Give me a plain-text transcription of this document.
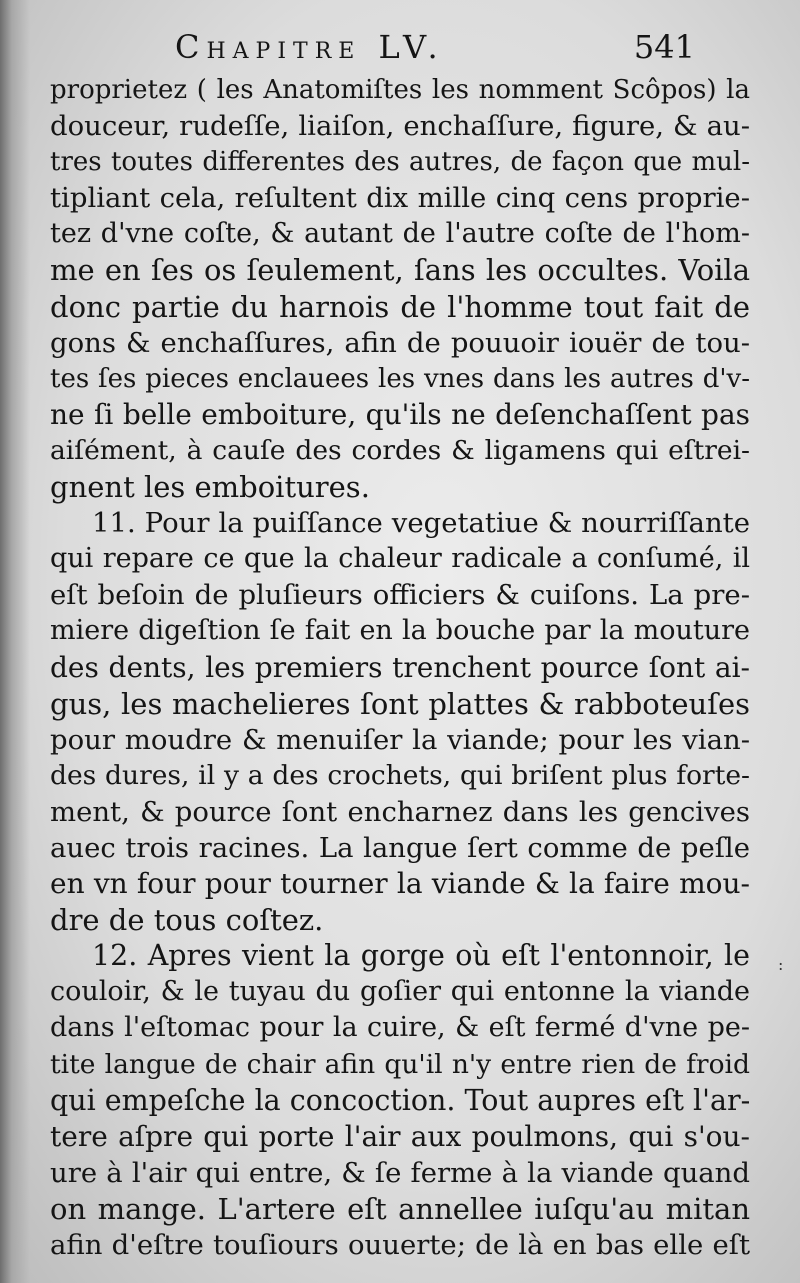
Chapitre LV.	541
proprietez ( les Anatomiſtes les nomment Scôpos) la
douceur, rudeſſe, liaiſon, enchaſſure, figure, & au-
tres toutes differentes des autres, de façon que mul-
tipliant cela, reſultent dix mille cinq cens proprie-
tez d'vne coſte, & autant de l'autre coſte de l'hom-
me en ſes os ſeulement, ſans les occultes. Voila
donc partie du harnois de l'homme tout fait de
gons & enchaſſures, afin de pouuoir iouër de tou-
tes ſes pieces enclauees les vnes dans les autres d'v-
ne ſi belle emboiture, qu'ils ne deſenchaſſent pas
aiſément, à cauſe des cordes & ligamens qui eſtrei-
gnent les emboitures.
11. Pour la puiſſance vegetatiue & nourriſſante
qui repare ce que la chaleur radicale a conſumé, il
eſt beſoin de pluſieurs officiers & cuiſons. La pre-
miere digeſtion ſe fait en la bouche par la mouture
des dents, les premiers trenchent pource ſont ai-
gus, les machelieres ſont plattes & rabboteuſes
pour moudre & menuiſer la viande; pour les vian-
des dures, il y a des crochets, qui briſent plus forte-
ment, & pource ſont encharnez dans les gencives
auec trois racines. La langue ſert comme de peſle
en vn four pour tourner la viande & la faire mou-
dre de tous coſtez.
12. Apres vient la gorge où eſt l'entonnoir, le
couloir, & le tuyau du goſier qui entonne la viande
dans l'eſtomac pour la cuire, & eſt fermé d'vne pe-
tite langue de chair afin qu'il n'y entre rien de froid
qui empeſche la concoction. Tout aupres eſt l'ar-
tere aſpre qui porte l'air aux poulmons, qui s'ou-
ure à l'air qui entre, & ſe ferme à la viande quand
on mange. L'artere eſt annellee iuſqu'au mitan
afin d'eſtre touſiours ouuerte; de là en bas elle eſt
:
